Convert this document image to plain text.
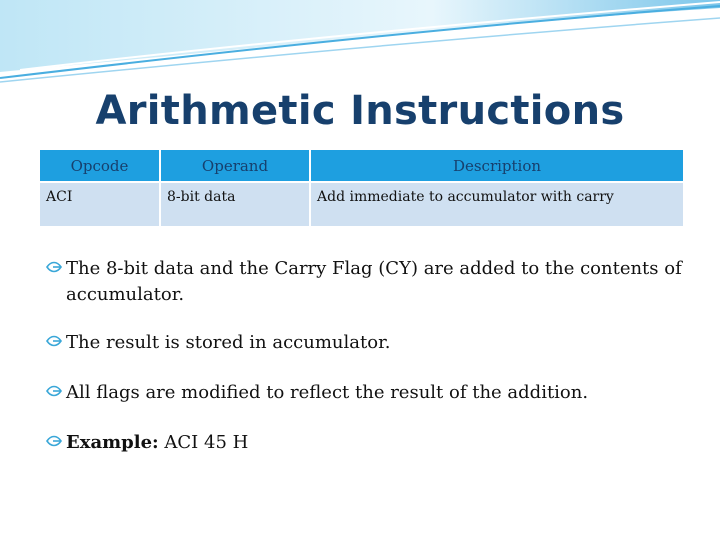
Arithmetic Instructions
Opcode	Operand	Description
ACI	8-bit data	Add immediate to accumulator with carry
The 8-bit data and the Carry Flag (CY) are added to the contents of accumulator.
The result is stored in accumulator.
All flags are modified to reflect the result of the addition.
Example: ACI 45 H
